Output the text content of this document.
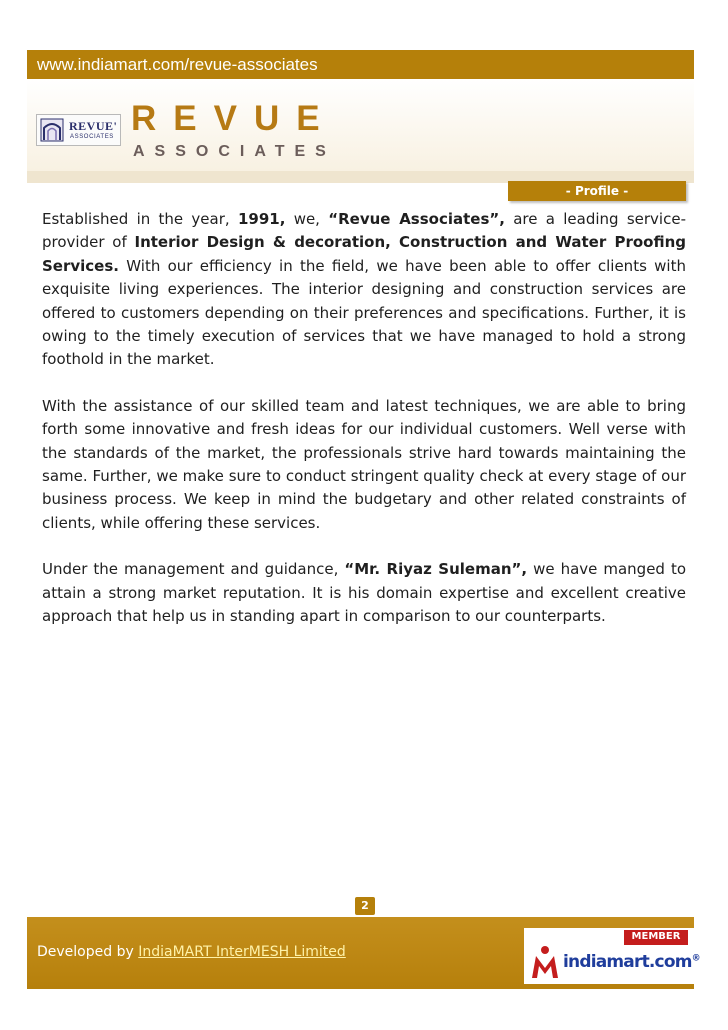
www.indiamart.com/revue-associates
REVUE'
ASSOCIATES REVUE
ASSOCIATES
- Profile -

Established in the year, 1991, we, “Revue Associates”, are a leading service-provider of Interior Design & decoration, Construction and Water Proofing Services. With our efficiency in the field, we have been able to offer clients with exquisite living experiences. The interior designing and construction services are offered to customers depending on their preferences and specifications. Further, it is owing to the timely execution of services that we have managed to hold a strong foothold in the market.

With the assistance of our skilled team and latest techniques, we are able to bring forth some innovative and fresh ideas for our individual customers. Well verse with the standards of the market, the professionals strive hard towards maintaining the same. Further, we make sure to conduct stringent quality check at every stage of our business process. We keep in mind the budgetary and other related constraints of clients, while offering these services.

Under the management and guidance, “Mr. Riyaz Suleman”, we have manged to attain a strong market reputation. It is his domain expertise and excellent creative approach that help us in standing apart in comparison to our counterparts.

2
Developed by IndiaMART InterMESH Limited
MEMBER
indiamart.com®
